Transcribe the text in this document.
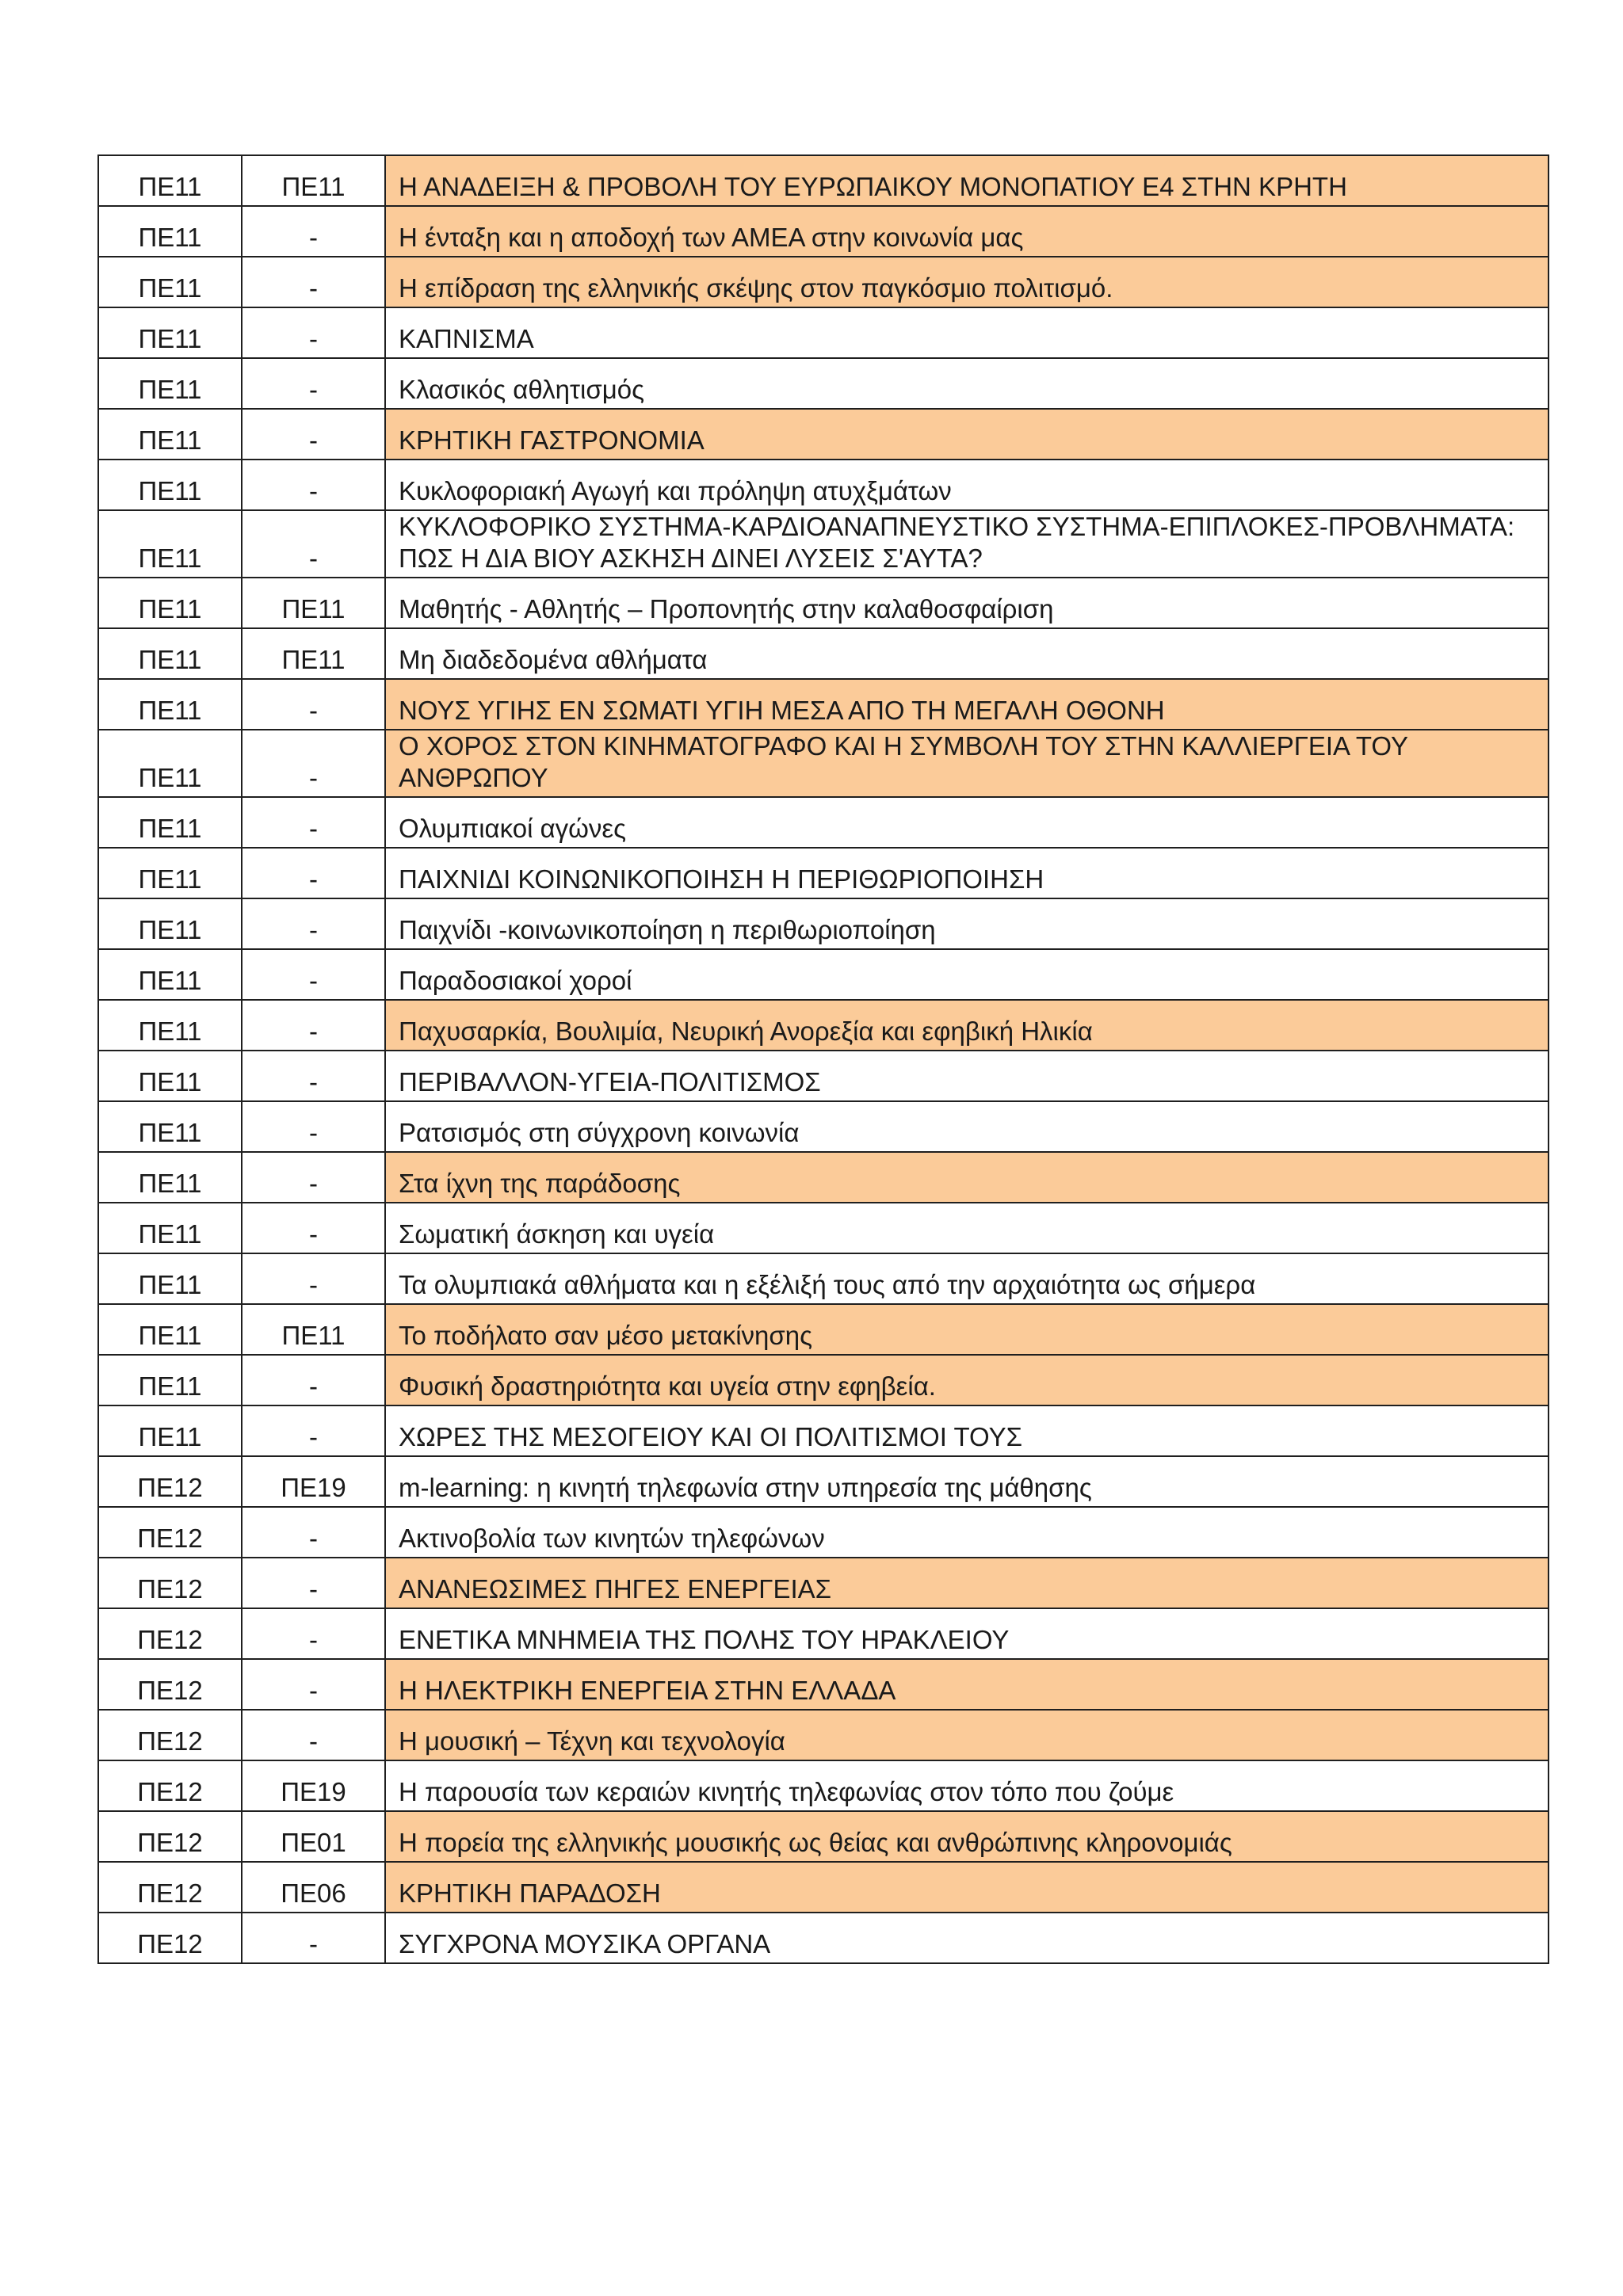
ΠΕ11	ΠΕ11	Η ΑΝΑΔΕΙΞΗ & ΠΡΟΒΟΛΗ ΤΟΥ ΕΥΡΩΠΑΙΚΟΥ ΜΟΝΟΠΑΤΙΟΥ Ε4 ΣΤΗΝ ΚΡΗΤΗ
ΠΕ11	-	Η ένταξη και η αποδοχή των ΑΜΕΑ στην κοινωνία μας
ΠΕ11	-	Η επίδραση της ελληνικής σκέψης στον παγκόσμιο πολιτισμό.
ΠΕ11	-	ΚΑΠΝΙΣΜΑ
ΠΕ11	-	Κλασικός αθλητισμός
ΠΕ11	-	ΚΡΗΤΙΚΗ ΓΑΣΤΡΟΝΟΜΙΑ
ΠΕ11	-	Κυκλοφοριακή Αγωγή και πρόληψη ατυχξμάτων
ΠΕ11	-	ΚΥΚΛΟΦΟΡΙΚΟ ΣΥΣΤΗΜΑ-ΚΑΡΔΙΟΑΝΑΠΝΕΥΣΤΙΚΟ ΣΥΣΤΗΜΑ-ΕΠΙΠΛΟΚΕΣ-ΠΡΟΒΛΗΜΑΤΑ: ΠΩΣ Η ΔΙΑ ΒΙΟΥ ΑΣΚΗΣΗ ΔΙΝΕΙ ΛΥΣΕΙΣ Σ'ΑΥΤΑ?
ΠΕ11	ΠΕ11	Μαθητής - Αθλητής – Προπονητής στην καλαθοσφαίριση
ΠΕ11	ΠΕ11	Μη διαδεδομένα αθλήματα
ΠΕ11	-	ΝΟΥΣ ΥΓΙΗΣ ΕΝ ΣΩΜΑΤΙ ΥΓΙΗ ΜΕΣΑ ΑΠΟ ΤΗ ΜΕΓΑΛΗ ΟΘΟΝΗ
ΠΕ11	-	Ο ΧΟΡΟΣ ΣΤΟΝ ΚΙΝΗΜΑΤΟΓΡΑΦΟ ΚΑΙ Η ΣΥΜΒΟΛΗ ΤΟΥ ΣΤΗΝ ΚΑΛΛΙΕΡΓΕΙΑ ΤΟΥ ΑΝΘΡΩΠΟΥ
ΠΕ11	-	Ολυμπιακοί αγώνες
ΠΕ11	-	ΠΑΙΧΝΙΔΙ ΚΟΙΝΩΝΙΚΟΠΟΙΗΣΗ Η ΠΕΡΙΘΩΡΙΟΠΟΙΗΣΗ
ΠΕ11	-	Παιχνίδι -κοινωνικοποίηση η περιθωριοποίηση
ΠΕ11	-	Παραδοσιακοί χοροί
ΠΕ11	-	Παχυσαρκία, Βουλιμία, Νευρική Ανορεξία και εφηβική Ηλικία
ΠΕ11	-	ΠΕΡΙΒΑΛΛΟΝ-ΥΓΕΙΑ-ΠΟΛΙΤΙΣΜΟΣ
ΠΕ11	-	Ρατσισμός στη σύγχρονη κοινωνία
ΠΕ11	-	Στα ίχνη της παράδοσης
ΠΕ11	-	Σωματική άσκηση και υγεία
ΠΕ11	-	Τα ολυμπιακά αθλήματα και η εξέλιξή τους από την αρχαιότητα ως σήμερα
ΠΕ11	ΠΕ11	Το ποδήλατο σαν μέσο μετακίνησης
ΠΕ11	-	Φυσική δραστηριότητα και υγεία στην εφηβεία.
ΠΕ11	-	ΧΩΡΕΣ ΤΗΣ ΜΕΣΟΓΕΙΟΥ ΚΑΙ ΟΙ ΠΟΛΙΤΙΣΜΟΙ ΤΟΥΣ
ΠΕ12	ΠΕ19	m-learning: η κινητή τηλεφωνία στην υπηρεσία της μάθησης
ΠΕ12	-	Ακτινοβολία των κινητών τηλεφώνων
ΠΕ12	-	ΑΝΑΝΕΩΣΙΜΕΣ ΠΗΓΕΣ ΕΝΕΡΓΕΙΑΣ
ΠΕ12	-	ΕΝΕΤΙΚΑ ΜΝΗΜΕΙΑ ΤΗΣ ΠΟΛΗΣ ΤΟΥ ΗΡΑΚΛΕΙΟΥ
ΠΕ12	-	Η ΗΛΕΚΤΡΙΚΗ ΕΝΕΡΓΕΙΑ ΣΤΗΝ ΕΛΛΑΔΑ
ΠΕ12	-	Η μουσική – Τέχνη και τεχνολογία
ΠΕ12	ΠΕ19	Η παρουσία των κεραιών κινητής τηλεφωνίας στον τόπο που ζούμε
ΠΕ12	ΠΕ01	Η πορεία της ελληνικής μουσικής ως θείας και ανθρώπινης κληρονομιάς
ΠΕ12	ΠΕ06	ΚΡΗΤΙΚΗ ΠΑΡΑΔΟΣΗ
ΠΕ12	-	ΣΥΓΧΡΟΝΑ ΜΟΥΣΙΚΑ ΟΡΓΑΝΑ
